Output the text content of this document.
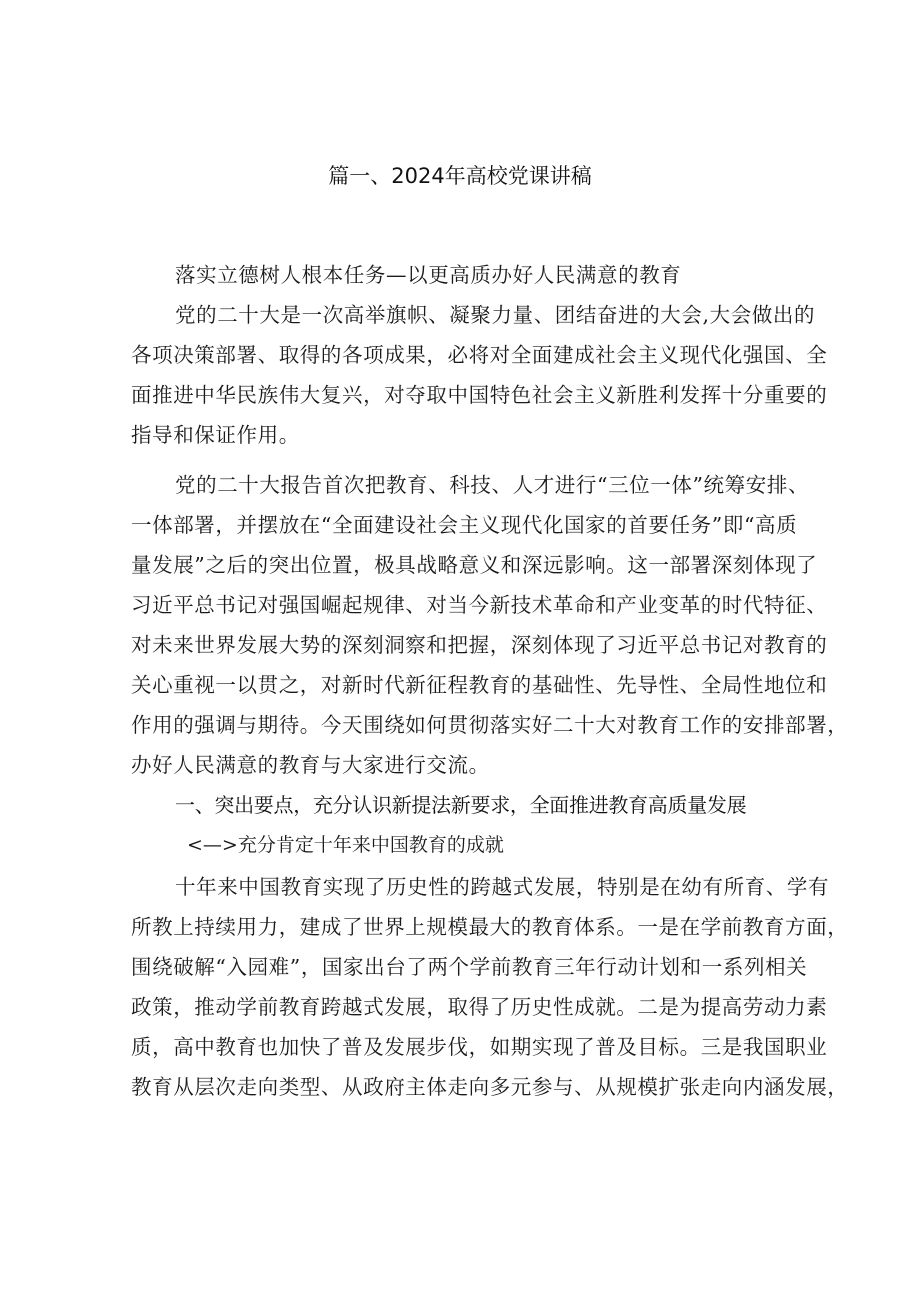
篇一、2024年高校党课讲稿
落实立德树人根本任务—以更高质办好人民满意的教育
党的二十大是一次高举旗帜、凝聚力量、团结奋进的大会,大会做出的
各项决策部署、取得的各项成果，必将对全面建成社会主义现代化强国、全
面推进中华民族伟大复兴，对夺取中国特色社会主义新胜利发挥十分重要的
指导和保证作用。
党的二十大报告首次把教育、科技、人才进行“三位一体”统筹安排、
一体部署，并摆放在“全面建设社会主义现代化国家的首要任务”即“高质
量发展”之后的突出位置，极具战略意义和深远影响。这一部署深刻体现了
习近平总书记对强国崛起规律、对当今新技术革命和产业变革的时代特征、
对未来世界发展大势的深刻洞察和把握，深刻体现了习近平总书记对教育的
关心重视一以贯之，对新时代新征程教育的基础性、先导性、全局性地位和
作用的强调与期待。今天围绕如何贯彻落实好二十大对教育工作的安排部署，
办好人民满意的教育与大家进行交流。
一、突出要点，充分认识新提法新要求，全面推进教育高质量发展
<—>充分肯定十年来中国教育的成就
十年来中国教育实现了历史性的跨越式发展，特别是在幼有所育、学有
所教上持续用力，建成了世界上规模最大的教育体系。一是在学前教育方面，
围绕破解“入园难”，国家出台了两个学前教育三年行动计划和一系列相关
政策，推动学前教育跨越式发展，取得了历史性成就。二是为提高劳动力素
质，高中教育也加快了普及发展步伐，如期实现了普及目标。三是我国职业
教育从层次走向类型、从政府主体走向多元参与、从规模扩张走向内涵发展，
